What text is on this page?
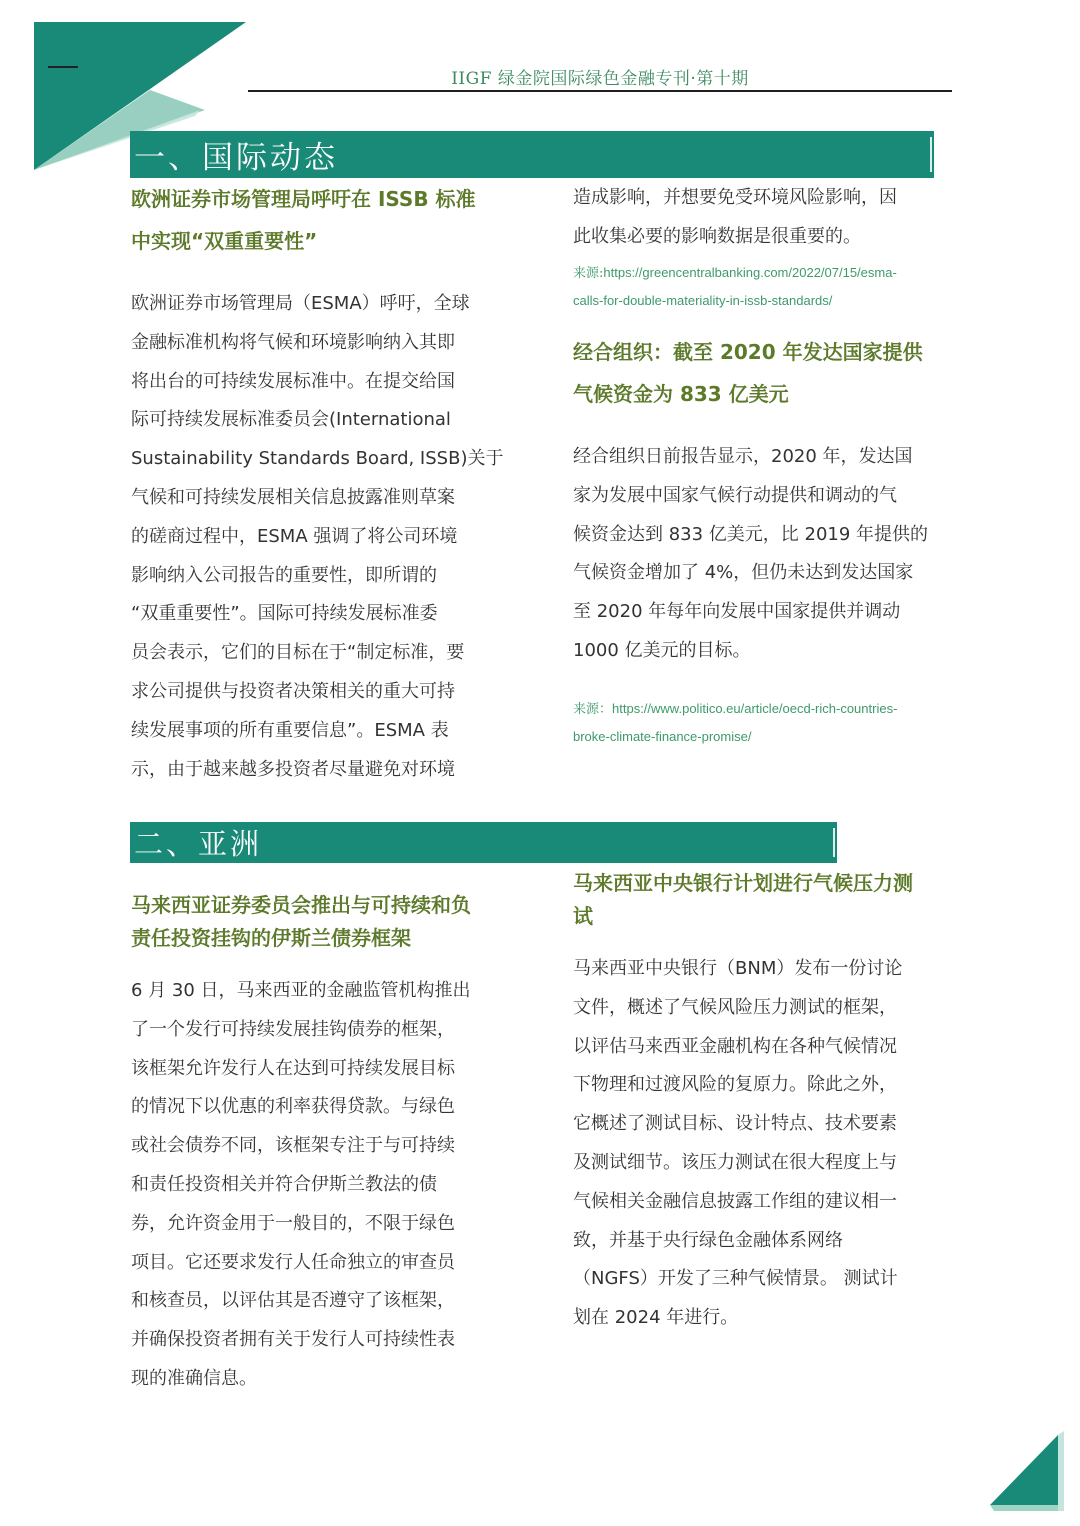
IIGF 绿金院国际绿色金融专刊·第十期
一、国际动态
欧洲证券市场管理局呼吁在 ISSB 标准
中实现“双重重要性”
欧洲证券市场管理局（ESMA）呼吁，全球
金融标准机构将气候和环境影响纳入其即
将出台的可持续发展标准中。在提交给国
际可持续发展标准委员会(International
Sustainability Standards Board, ISSB)关于
气候和可持续发展相关信息披露准则草案
的磋商过程中，ESMA 强调了将公司环境
影响纳入公司报告的重要性，即所谓的
“双重重要性”。国际可持续发展标准委
员会表示，它们的目标在于“制定标准，要
求公司提供与投资者决策相关的重大可持
续发展事项的所有重要信息”。ESMA 表
示，由于越来越多投资者尽量避免对环境
造成影响，并想要免受环境风险影响，因
此收集必要的影响数据是很重要的。
来源:https://greencentralbanking.com/2022/07/15/esma-
calls-for-double-materiality-in-issb-standards/
经合组织：截至 2020 年发达国家提供
气候资金为 833 亿美元
经合组织日前报告显示，2020 年，发达国
家为发展中国家气候行动提供和调动的气
候资金达到 833 亿美元，比 2019 年提供的
气候资金增加了 4%，但仍未达到发达国家
至 2020 年每年向发展中国家提供并调动
1000 亿美元的目标。
来源：https://www.politico.eu/article/oecd-rich-countries-
broke-climate-finance-promise/
二、亚洲
马来西亚证券委员会推出与可持续和负
责任投资挂钩的伊斯兰债券框架
6 月 30 日，马来西亚的金融监管机构推出
了一个发行可持续发展挂钩债券的框架，
该框架允许发行人在达到可持续发展目标
的情况下以优惠的利率获得贷款。与绿色
或社会债券不同，该框架专注于与可持续
和责任投资相关并符合伊斯兰教法的债
券，允许资金用于一般目的，不限于绿色
项目。它还要求发行人任命独立的审查员
和核查员，以评估其是否遵守了该框架，
并确保投资者拥有关于发行人可持续性表
现的准确信息。
马来西亚中央银行计划进行气候压力测
试
马来西亚中央银行（BNM）发布一份讨论
文件，概述了气候风险压力测试的框架，
以评估马来西亚金融机构在各种气候情况
下物理和过渡风险的复原力。除此之外，
它概述了测试目标、设计特点、技术要素
及测试细节。该压力测试在很大程度上与
气候相关金融信息披露工作组的建议相一
致，并基于央行绿色金融体系网络
（NGFS）开发了三种气候情景。 测试计
划在 2024 年进行。
